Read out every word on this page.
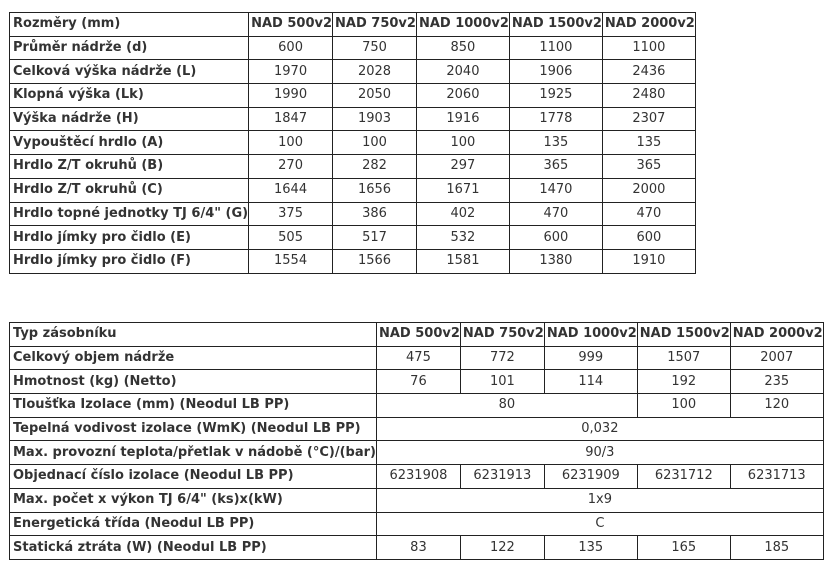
Rozměry (mm)	NAD 500v2	NAD 750v2	NAD 1000v2	NAD 1500v2	NAD 2000v2
Průměr nádrže (d)	600	750	850	1100	1100
Celková výška nádrže (L)	1970	2028	2040	1906	2436
Klopná výška (Lk)	1990	2050	2060	1925	2480
Výška nádrže (H)	1847	1903	1916	1778	2307
Vypouštěcí hrdlo (A)	100	100	100	135	135
Hrdlo Z/T okruhů (B)	270	282	297	365	365
Hrdlo Z/T okruhů (C)	1644	1656	1671	1470	2000
Hrdlo topné jednotky TJ 6/4" (G)	375	386	402	470	470
Hrdlo jímky pro čidlo (E)	505	517	532	600	600
Hrdlo jímky pro čidlo (F)	1554	1566	1581	1380	1910
Typ zásobníku	NAD 500v2	NAD 750v2	NAD 1000v2	NAD 1500v2	NAD 2000v2
Celkový objem nádrže	475	772	999	1507	2007
Hmotnost (kg) (Netto)	76	101	114	192	235
Tloušťka Izolace (mm) (Neodul LB PP)	80			100	120
Tepelná vodivost izolace (WmK) (Neodul LB PP)	0,032				
Max. provozní teplota/přetlak v nádobě (°C)/(bar)	90/3				
Objednací číslo izolace (Neodul LB PP)	6231908	6231913	6231909	6231712	6231713
Max. počet x výkon TJ 6/4" (ks)x(kW)	1x9				
Energetická třída (Neodul LB PP)	C				
Statická ztráta (W) (Neodul LB PP)	83	122	135	165	185
